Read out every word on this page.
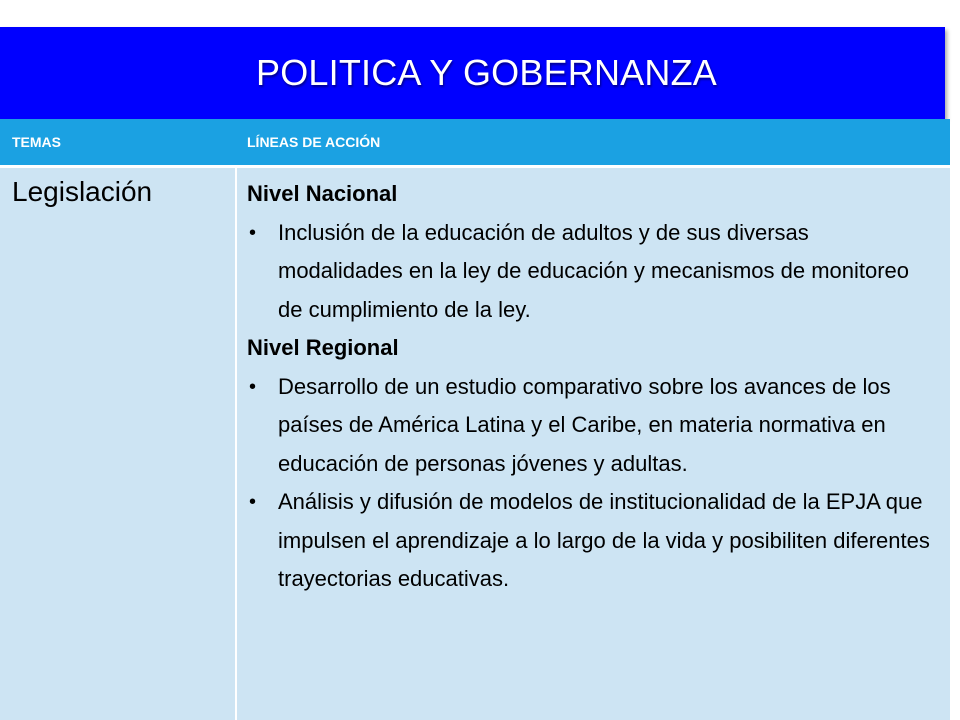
POLITICA Y GOBERNANZA
TEMAS	LÍNEAS DE ACCIÓN
Legislación	Nivel Nacional
• Inclusión de la educación de adultos y de sus diversas modalidades en la ley de educación y mecanismos de monitoreo de cumplimiento de la ley.
Nivel Regional
• Desarrollo de un estudio comparativo sobre los avances de los países de América Latina y el Caribe, en materia normativa en educación de personas jóvenes y adultas.
• Análisis y difusión de modelos de institucionalidad de la EPJA que impulsen el aprendizaje a lo largo de la vida y posibiliten diferentes trayectorias educativas.
